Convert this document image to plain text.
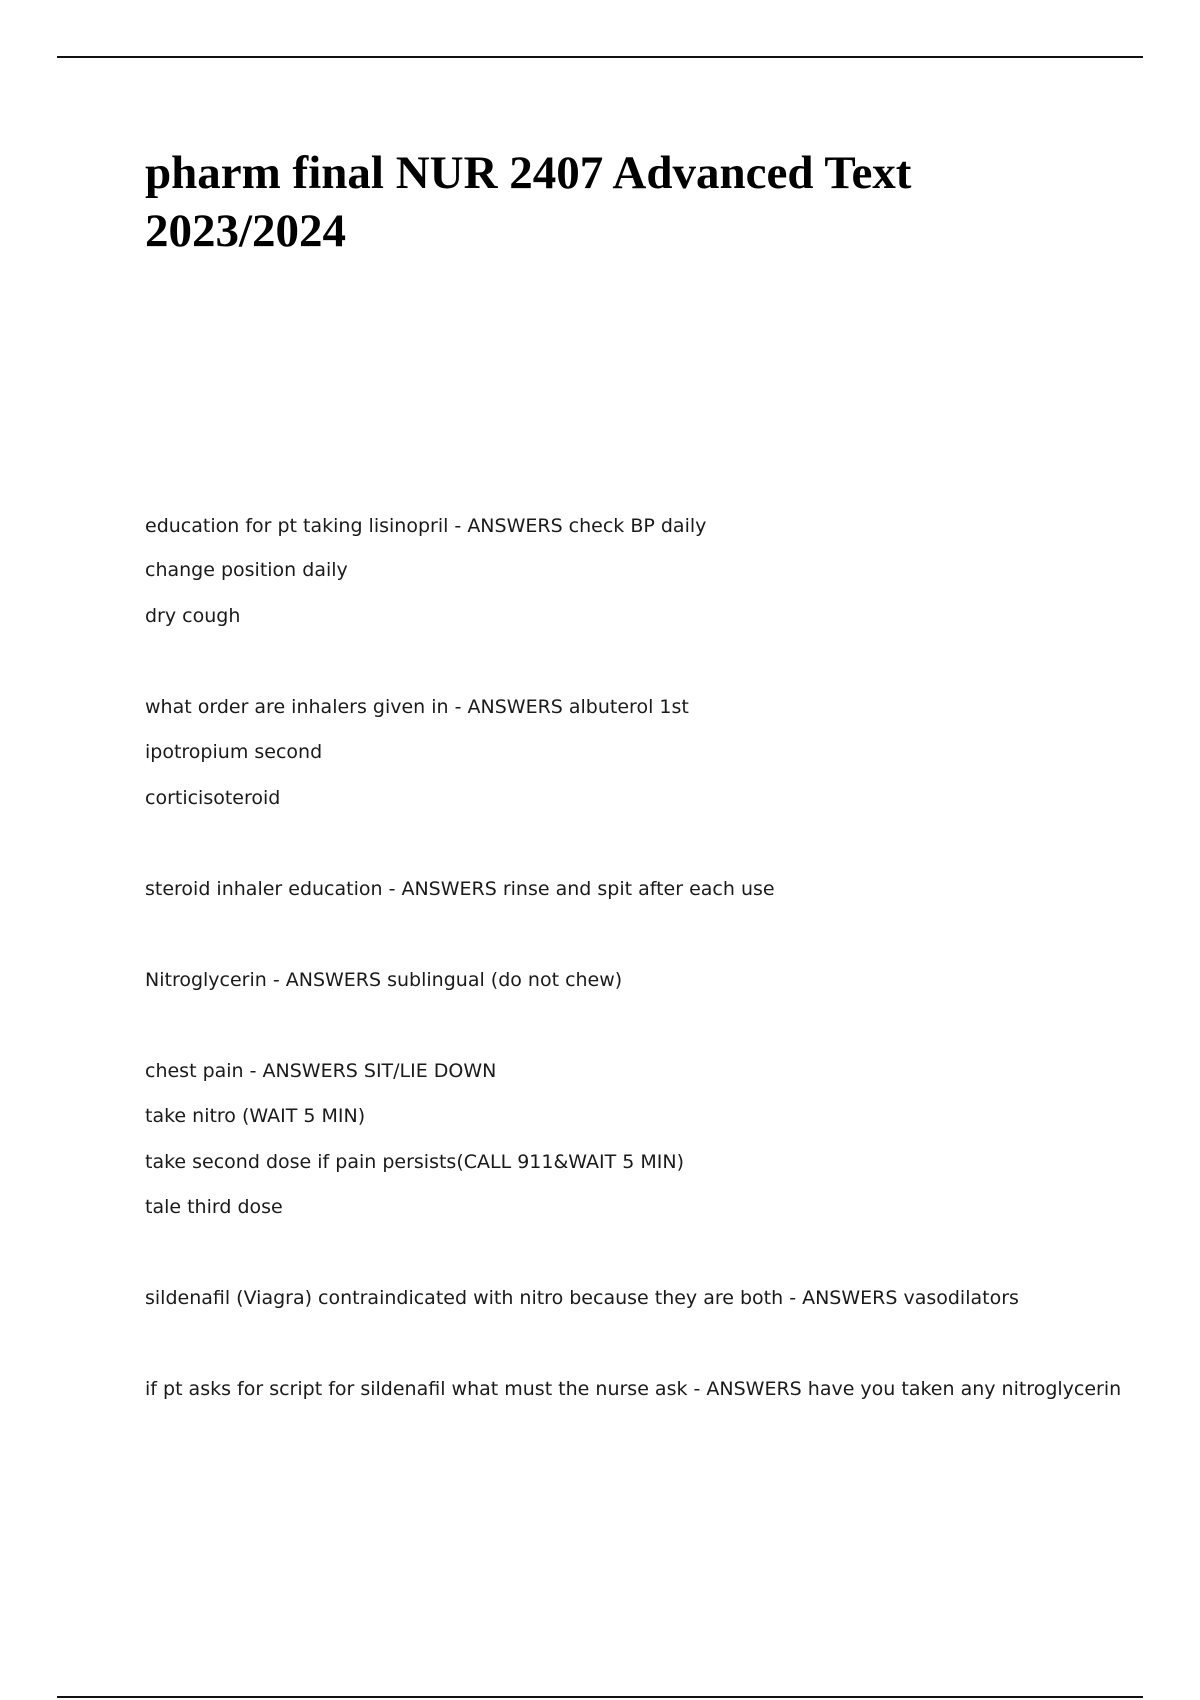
pharm final NUR 2407 Advanced Text 2023/2024
education for pt taking lisinopril - ANSWERS check BP daily
change position daily
dry cough
what order are inhalers given in - ANSWERS albuterol 1st
ipotropium second
corticisoteroid
steroid inhaler education - ANSWERS rinse and spit after each use
Nitroglycerin - ANSWERS sublingual (do not chew)
chest pain - ANSWERS SIT/LIE DOWN
take nitro (WAIT 5 MIN)
take second dose if pain persists(CALL 911&WAIT 5 MIN)
tale third dose
sildenafil (Viagra) contraindicated with nitro because they are both - ANSWERS vasodilators
if pt asks for script for sildenafil what must the nurse ask - ANSWERS have you taken any nitroglycerin
